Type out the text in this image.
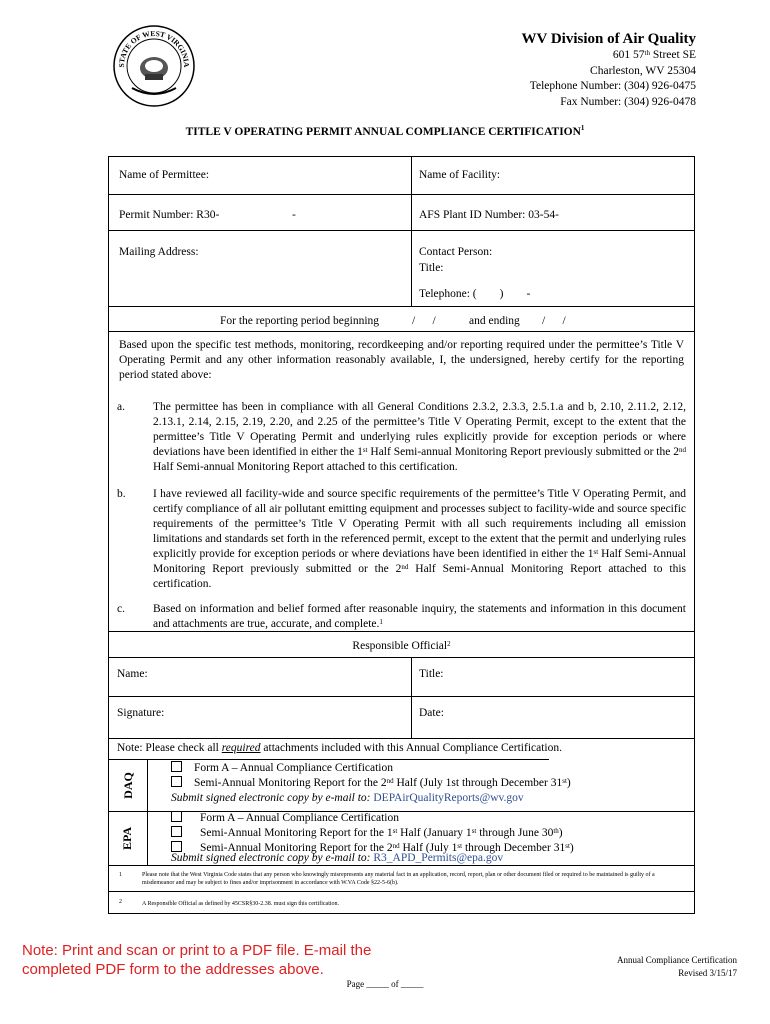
STATE OF WEST VIRGINIA
WV Division of Air Quality
601 57th Street SE
Charleston, WV 25304
Telephone Number: (304) 926-0475
Fax Number: (304) 926-0478
TITLE V OPERATING PERMIT ANNUAL COMPLIANCE CERTIFICATION$^1$
Name of Permittee:	Name of Facility:
Permit Number: R30-	-	AFS Plant ID Number: 03-54-
Mailing Address:	Contact Person:
Title:
Telephone: (        )        -
For the reporting period beginning	/      /	and ending /      /
Based upon the specific test methods, monitoring, recordkeeping and/or reporting required under the permittee’s Title V Operating Permit and any other information reasonably available, I, the undersigned, hereby certify for the reporting period stated above:
a. The permittee has been in compliance with all General Conditions 2.3.2, 2.3.3, 2.5.1.a and b, 2.10, 2.11.2, 2.12, 2.13.1, 2.14, 2.15, 2.19, 2.20, and 2.25 of the permittee’s Title V Operating Permit, except to the extent that the permittee’s Title V Operating Permit and underlying rules explicitly provide for exception periods or where deviations have been identified in either the 1st Half Semi-annual Monitoring Report previously submitted or the 2nd Half Semi-annual Monitoring Report attached to this certification.
b. I have reviewed all facility-wide and source specific requirements of the permittee’s Title V Operating Permit, and certify compliance of all air pollutant emitting equipment and processes subject to facility-wide and source specific requirements of the permittee’s Title V Operating Permit with all such requirements including all emission limitations and standards set forth in the referenced permit, except to the extent that the permit and underlying rules explicitly provide for exception periods or where deviations have been identified in either the 1st Half Semi-Annual Monitoring Report previously submitted or the 2nd Half Semi-Annual Monitoring Report attached to this certification.
c. Based on information and belief formed after reasonable inquiry, the statements and information in this document and attachments are true, accurate, and complete.$^1$
Responsible Official$^2$
Name:	Title:
Signature:	Date:
Note: Please check all required attachments included with this Annual Compliance Certification.
DAQ
Form A – Annual Compliance Certification
Semi-Annual Monitoring Report for the 2nd Half (July 1st through December 31st)
Submit signed electronic copy by e-mail to: DEPAirQualityReports@wv.gov
EPA
Form A – Annual Compliance Certification
Semi-Annual Monitoring Report for the 1st Half (January 1st through June 30th)
Semi-Annual Monitoring Report for the 2nd Half (July 1st through December 31st)
Submit signed electronic copy by e-mail to: R3_APD_Permits@epa.gov
1	Please note that the West Virginia Code states that any person who knowingly misrepresents any material fact in an application, record, report, plan or other document filed or required to be maintained is guilty of a misdemeanor and may be subject to fines and/or imprisonment in accordance with W.VA Code §22-5-6(b).
2	A Responsible Official as defined by 45CSR§30-2.38. must sign this certification.
Note: Print and scan or print to a PDF file. E-mail the completed PDF form to the addresses above.
Annual Compliance Certification
Revised 3/15/17
Page _____ of _____
